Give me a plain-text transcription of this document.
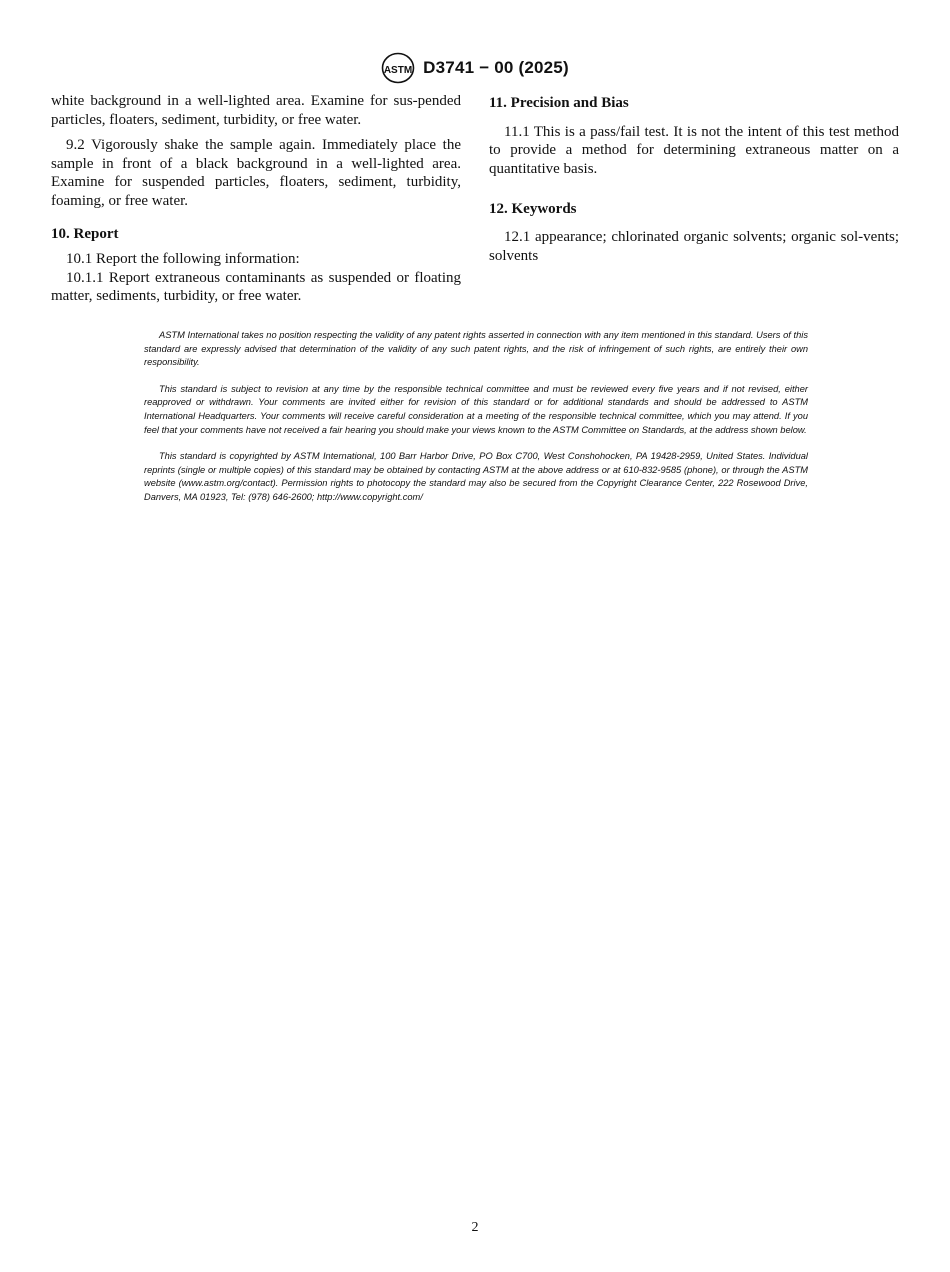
ASTM D3741 − 00 (2025)

white background in a well-lighted area. Examine for sus-pended particles, floaters, sediment, turbidity, or free water.

9.2 Vigorously shake the sample again. Immediately place the sample in front of a black background in a well-lighted area. Examine for suspended particles, floaters, sediment, turbidity, foaming, or free water.

10. Report

10.1 Report the following information:

10.1.1 Report extraneous contaminants as suspended or floating matter, sediments, turbidity, or free water.

11. Precision and Bias

11.1 This is a pass/fail test. It is not the intent of this test method to provide a method for determining extraneous matter on a quantitative basis.

12. Keywords

12.1 appearance; chlorinated organic solvents; organic sol-vents; solvents

ASTM International takes no position respecting the validity of any patent rights asserted in connection with any item mentioned in this standard. Users of this standard are expressly advised that determination of the validity of any such patent rights, and the risk of infringement of such rights, are entirely their own responsibility.

This standard is subject to revision at any time by the responsible technical committee and must be reviewed every five years and if not revised, either reapproved or withdrawn. Your comments are invited either for revision of this standard or for additional standards and should be addressed to ASTM International Headquarters. Your comments will receive careful consideration at a meeting of the responsible technical committee, which you may attend. If you feel that your comments have not received a fair hearing you should make your views known to the ASTM Committee on Standards, at the address shown below.

This standard is copyrighted by ASTM International, 100 Barr Harbor Drive, PO Box C700, West Conshohocken, PA 19428-2959, United States. Individual reprints (single or multiple copies) of this standard may be obtained by contacting ASTM at the above address or at 610-832-9585 (phone), or through the ASTM website (www.astm.org/contact). Permission rights to photocopy the standard may also be secured from the Copyright Clearance Center, 222 Rosewood Drive, Danvers, MA 01923, Tel: (978) 646-2600; http://www.copyright.com/

2
